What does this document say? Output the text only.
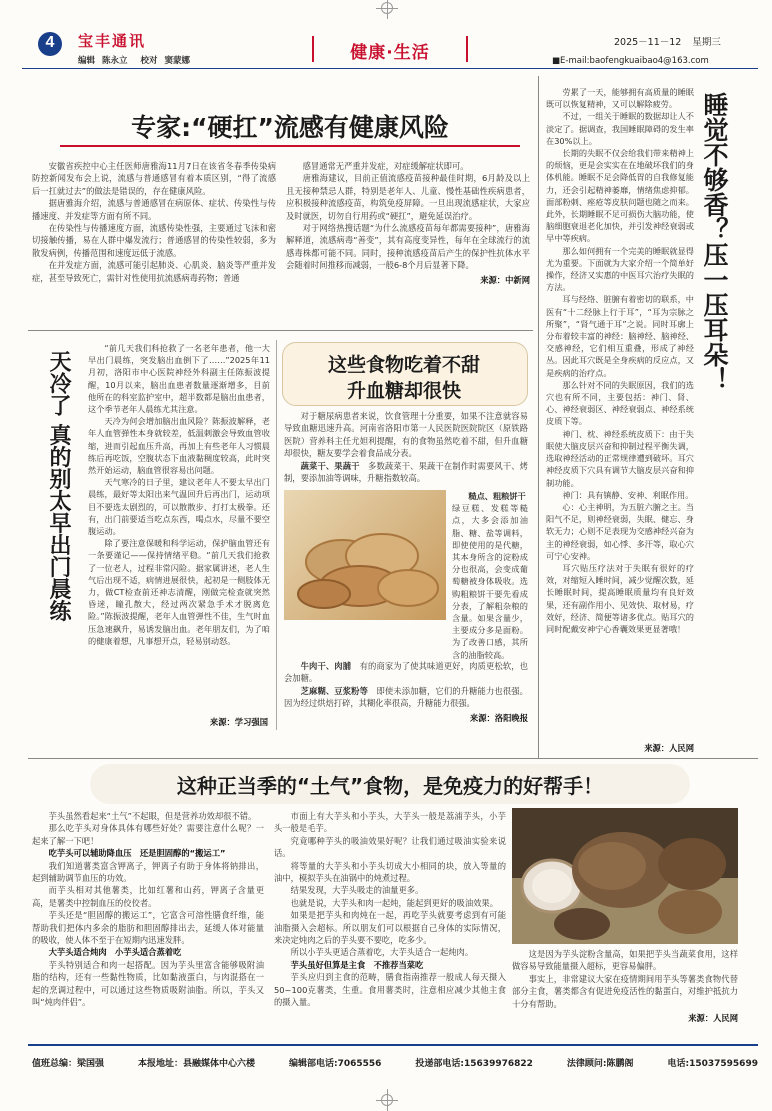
4	宝丰通讯
编辑 陈永立 校对 窦蒙娜	健康·生活
2025－11－12 星期三
■E-mail:baofengkuaibao4@163.com
专家:“硬扛”流感有健康风险

安徽省疾控中心主任医师唐雅海11月7日在该省冬春季传染病防控新闻发布会上说，流感与普通感冒有着本质区别，“得了流感后一扛就过去”的做法是错误的，存在健康风险。

据唐雅海介绍，流感与普通感冒在病原体、症状、传染性与传播速度、并发症等方面有所不同。

在传染性与传播速度方面，流感传染性强，主要通过飞沫和密切接触传播，易在人群中爆发流行；普通感冒的传染性较弱，多为散发病例，传播范围和速度远低于流感。

在并发症方面，流感可能引起肺炎、心肌炎、脑炎等严重并发症，甚至导致死亡，需针对性使用抗流感病毒药物；普通

感冒通常无严重并发症，对症缓解症状即可。

唐雅海建议，目前正值流感疫苗接种最佳时期，6月龄及以上且无接种禁忌人群，特别是老年人、儿童、慢性基础性疾病患者，应积极接种流感疫苗，构筑免疫屏障。一旦出现流感症状，大家应及时就医，切勿自行用药或“硬扛”，避免延误治疗。

对于网络热搜话题“为什么流感疫苗每年都需要接种”，唐雅海解释道，流感病毒“善变”，其有高度变异性，每年在全球流行的流感毒株都可能不同。同时，接种流感疫苗后产生的保护性抗体水平会随着时间推移而减弱，一般6-8个月后显著下降。

来源：中新网
天冷了 真的别太早出门晨练

“前几天我们科抢救了一名老年患者，他一大早出门晨练，突发脑出血倒下了……”2025年11月初，洛阳市中心医院神经外科副主任陈振波提醒，10月以来，脑出血患者数量逐渐增多，目前他所在的科室监护室中，超半数都是脑出血患者，这个季节老年人晨练尤其注意。

天冷为何会增加脑出血风险？陈振波解释，老年人血管弹性本身就较差，低温刺激会导致血管收缩，进而引起血压升高，再加上有些老年人习惯晨练后再吃饭，空腹状态下血液黏稠度较高，此时突然开始运动，脑血管很容易出问题。

天气寒冷的日子里，建议老年人不要太早出门晨练，最好等太阳出来气温回升后再出门，运动项目不要选太剧烈的，可以散散步、打打太极拳。还有，出门前要适当吃点东西，喝点水，尽量不要空腹运动。

除了要注意保暖和科学运动，保护脑血管还有一条要谨记——保持情绪平稳。“前几天我们抢救了一位老人，过程非常闪险。据家属讲述，老人生气后出现不适，病情进展很快，起初是一侧肢体无力，做CT检查前还神志清醒，刚做完检查就突然昏迷，瞳孔散大，经过两次紧急手术才脱离危险。”陈振波提醒，老年人血管弹性不佳，生气时血压急速飙升，易诱发脑出血。老年朋友们，为了咱的健康着想，凡事想开点，轻易别动怒。

来源：学习强国
这些食物吃着不甜
升血糖却很快

对于糖尿病患者来说，饮食管理十分重要，如果不注意就容易导致血糖迅速升高。河南省洛阳市第一人民医院医院院区（原铁路医院）营养科主任尤妲利提醒，有的食物虽然吃着不甜，但升血糖却很快，糖友要学会着食品成分表。

蔬菜干、果蔬干　 多数蔬菜干、果蔬干在制作时需要风干、烤制，要添加油等调味，升糖指数较高。

糙点、粗粮饼干

绿豆糕、发糕等糙点，大多会添加油脂、糖、盐等调料，即使使用的是代糖，其本身所含的淀粉成分也很高，会变成葡萄糖被身体吸收。选购粗粮饼干要先看成分表，了解粗杂粮的含量。如果含量少，主要成分多是面粉。为了改善口感，其所含的油脂较高。

牛肉干、肉脯　 有的商家为了使其味道更好，肉质更松软，也会加糖。

芝麻糊、豆浆粉等　 即使未添加糖，它们的升糖能力也很强。因为经过烘焙打碎，其糊化率很高，升糖能力很强。

来源：洛阳晚报

劳累了一天，能够拥有高质量的睡眠既可以恢复精神，又可以解除疲劳。

不过，一组关于睡眠的数据却让人不淡定了。据调查，我国睡眠障碍的发生率在30%以上。

长期的失眠不仅会给我们带来精神上的烦恼，更是会实实在在地破坏我们的身体机能。睡眠不足会降低胃的自我修复能力，还会引起精神萎靡，情绪焦虑抑郁。面部粉刺、痤疮等皮肤问题也随之而来。此外，长期睡眠不足可损伤大脑功能，使脑细胞衰退老化加快，并引发神经衰弱或早中等疾病。

那么如何拥有一个完美的睡眠就显得尤为重要。下面就为大家介绍一个简单好操作，经济又实惠的中医耳穴治疗失眠的方法。

耳与经络、脏腑有着密切的联系，中医有“十二经脉上行于耳”，“耳为宗脉之所聚”，“肾气通于耳”之说。同时耳廓上分布着较丰富的神经：脑神经、脑神经、交感神经，它们相互重叠，形成了神经丛。因此耳穴既是全身疾病的反应点，又是疾病的治疗点。

那么针对不同的失眠原因，我们的选穴也有所不同，主要包括：神门、肾、心、神经衰弱区、神经衰弱点、神经系统皮质下等。

神门、枕、神经系统皮质下：由于失眠使大脑皮层兴奋和抑制过程平衡失调，选取神经活动的正常规律遭到破坏。耳穴神经皮质下穴具有调节大脑皮层兴奋和抑制功能。

神门：具有镇静、安神、利眠作用。

心：心主神明，为五脏六腑之主。当阳气不足，则神经衰弱，失眠、健忘、身软无力；心则不足表现为交感神经兴奋为主的神经衰弱，如心悸、多汗等，取心穴可宁心安神。

耳穴贴压疗法对于失眠有很好的疗效，对缩短入睡时间，减少觉醒次数，延长睡眠时间，提高睡眠质量均有良好效果，还有副作用小、见效快、取材易，疗效好，经济、简便等诸多优点。贴耳穴的同时配戴安神宁心香囊效果更显著哦！

来源：人民网
睡觉不够香？压一压耳朵！
这种正当季的“土气”食物，是免疫力的好帮手！

芋头虽然看起来“土气”不起眼，但是营养功效却很不错。

那么吃芋头对身体具体有哪些好处？需要注意什么呢？一起来了解一下吧！

吃芋头可以辅助降血压　还是胆固醇的“搬运工”

我们知道薯类富含钾离子，钾离子有助于身体将钠排出，起到辅助调节血压的功效。

而芋头相对其他薯类，比如红薯和山药，钾离子含量更高，是薯类中控制血压的佼佼者。

芋头还是“胆固醇的搬运工”，它富含可溶性膳食纤维，能帮助我们把体内多余的脂肪和胆固醇排出去，延缓人体对能量的吸收，使人体不至于在短期内迅速发胖。

大芋头适合炖肉　小芋头适合蒸着吃

芋头特别适合和肉一起搭配。因为芋头里富含能够吸附油脂的结构，还有一些黏性物质，比如黏液蛋白，与肉混搭在一起的烹调过程中，可以通过这些物质吸附油脂。所以，芋头又叫“炖肉伴侣”。

市面上有大芋头和小芋头，大芋头一般是荔浦芋头，小芋头一般是毛芋。

究竟哪种芋头的吸油效果好呢？让我们通过吸油实验来说话。

将等量的大芋头和小芋头切成大小相同的块，放入等量的油中，模拟芋头在油锅中的炖煮过程。

结果发现，大芋头吸走的油量更多。

也就是说，大芋头和肉一起炖，能起到更好的吸油效果。

如果是把芋头和肉炖在一起，再吃芋头就要考虑到有可能油脂摄入会超标。所以朋友们可以根据自己身体的实际情况，来决定炖肉之后的芋头要不要吃，吃多少。

所以小芋头更适合蒸着吃，大芋头适合一起炖肉。

芋头虽好但算是主食　不推荐当菜吃

芋头应归到主食的范畴，膳食指南推荐一般成人每天摄入50~100克薯类，生重。食用薯类时，注意相应减少其他主食的摄入量。

这是因为芋头淀粉含量高，如果把芋头当蔬菜食用，这样做容易导致能量摄入超标，更容易偏胖。

事实上，非常建议大家在疫情期间用芋头等薯类食物代替部分主食，薯类都含有促进免疫活性的黏蛋白，对维护抵抗力十分有帮助。

来源：人民网
值班总编：梁国强	本报地址：县融媒体中心六楼	编辑部电话:7065556	投递部电话:15639976822	法律顾问:陈鹏阁	电话:15037595699
